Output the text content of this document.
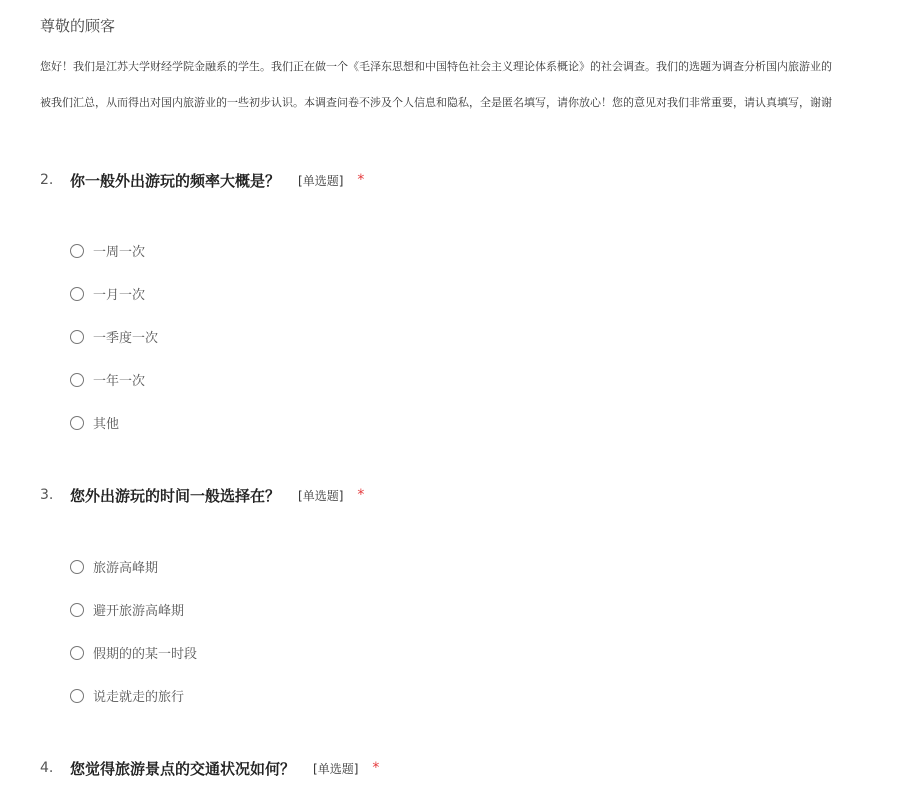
尊敬的顾客
您好！我们是江苏大学财经学院金融系的学生。我们正在做一个《毛泽东思想和中国特色社会主义理论体系概论》的社会调查。我们的选题为调查分析国内旅游业的
被我们汇总，从而得出对国内旅游业的一些初步认识。本调查问卷不涉及个人信息和隐私，全是匿名填写，请你放心！您的意见对我们非常重要，请认真填写，谢谢
2.	你一般外出游玩的频率大概是？ [单选题] *
一周一次
一月一次
一季度一次
一年一次
其他
3.	您外出游玩的时间一般选择在？ [单选题] *
旅游高峰期
避开旅游高峰期
假期的的某一时段
说走就走的旅行
4.	您觉得旅游景点的交通状况如何？ [单选题] *
